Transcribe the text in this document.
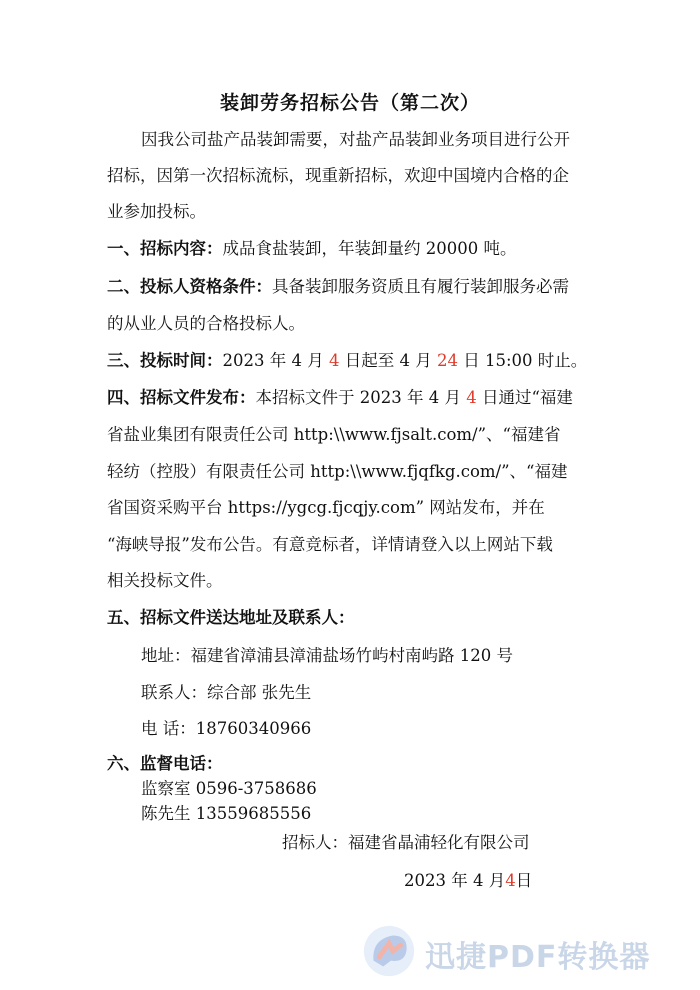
装卸劳务招标公告（第二次）
因我公司盐产品装卸需要，对盐产品装卸业务项目进行公开
招标，因第一次招标流标，现重新招标，欢迎中国境内合格的企
业参加投标。
一、招标内容：成品食盐装卸，年装卸量约 20000 吨。
二、投标人资格条件：具备装卸服务资质且有履行装卸服务必需
的从业人员的合格投标人。
三、投标时间：2023 年 4 月 4 日起至 4 月 24 日 15:00 时止。
四、招标文件发布：本招标文件于 2023 年 4 月 4 日通过“福建
省盐业集团有限责任公司 http:\\www.fjsalt.com/”、“福建省
轻纺（控股）有限责任公司 http:\\www.fjqfkg.com/”、“福建
省国资采购平台 https://ygcg.fjcqjy.com” 网站发布，并在
“海峡导报”发布公告。有意竞标者，详情请登入以上网站下载
相关投标文件。
五、招标文件送达地址及联系人：
地址：福建省漳浦县漳浦盐场竹屿村南屿路 120 号
联系人：综合部 张先生
电 话：18760340966
六、监督电话：
监察室 0596-3758686
陈先生 13559685556
招标人：福建省晶浦轻化有限公司
2023 年 4 月4日
迅捷PDF转换器
